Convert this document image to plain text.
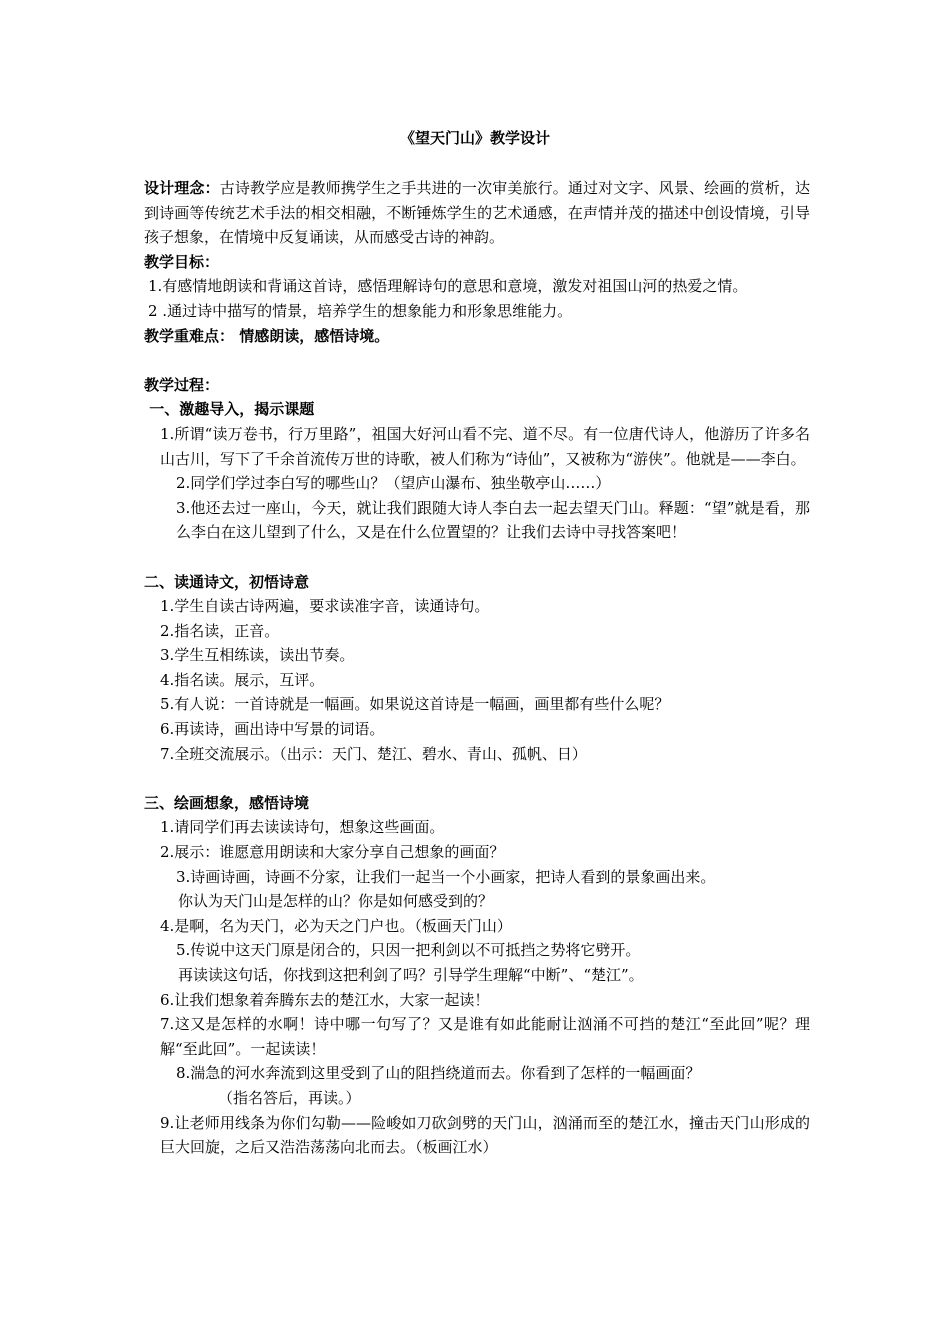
《望天门山》教学设计

设计理念：古诗教学应是教师携学生之手共进的一次审美旅行。通过对文字、风景、绘画的赏析，达到诗画等传统艺术手法的相交相融，不断锤炼学生的艺术通感，在声情并茂的描述中创设情境，引导孩子想象，在情境中反复诵读，从而感受古诗的神韵。

教学目标：

1.有感情地朗读和背诵这首诗，感悟理解诗句的意思和意境，激发对祖国山河的热爱之情。

2 .通过诗中描写的情景，培养学生的想象能力和形象思维能力。

教学重难点： 情感朗读，感悟诗境。

教学过程：

一、激趣导入，揭示课题

1.所谓“读万卷书，行万里路”，祖国大好河山看不完、道不尽。有一位唐代诗人，他游历了许多名山古川，写下了千余首流传万世的诗歌，被人们称为“诗仙”，又被称为“游侠”。他就是——李白。

2.同学们学过李白写的哪些山？（望庐山瀑布、独坐敬亭山……）

3.他还去过一座山，今天，就让我们跟随大诗人李白去一起去望天门山。释题：“望”就是看，那么李白在这儿望到了什么，又是在什么位置望的？让我们去诗中寻找答案吧！

二、读通诗文，初悟诗意

1.学生自读古诗两遍，要求读准字音，读通诗句。

2.指名读，正音。

3.学生互相练读，读出节奏。

4.指名读。展示，互评。

5.有人说：一首诗就是一幅画。如果说这首诗是一幅画，画里都有些什么呢？

6.再读诗，画出诗中写景的词语。

7.全班交流展示。（出示：天门、楚江、碧水、青山、孤帆、日）

三、绘画想象，感悟诗境

1.请同学们再去读读诗句，想象这些画面。

2.展示：谁愿意用朗读和大家分享自己想象的画面？

3.诗画诗画，诗画不分家，让我们一起当一个小画家，把诗人看到的景象画出来。

你认为天门山是怎样的山？你是如何感受到的？

4.是啊，名为天门，必为天之门户也。（板画天门山）

5.传说中这天门原是闭合的，只因一把利剑以不可抵挡之势将它劈开。

再读读这句话，你找到这把利剑了吗？引导学生理解“中断”、“楚江”。

6.让我们想象着奔腾东去的楚江水，大家一起读！

7.这又是怎样的水啊！诗中哪一句写了？又是谁有如此能耐让汹涌不可挡的楚江“至此回”呢？理解“至此回”。一起读读！

8.湍急的河水奔流到这里受到了山的阻挡绕道而去。你看到了怎样的一幅画面？

（指名答后，再读。）

9.让老师用线条为你们勾勒——险峻如刀砍剑劈的天门山，汹涌而至的楚江水，撞击天门山形成的巨大回旋，之后又浩浩荡荡向北而去。（板画江水）
